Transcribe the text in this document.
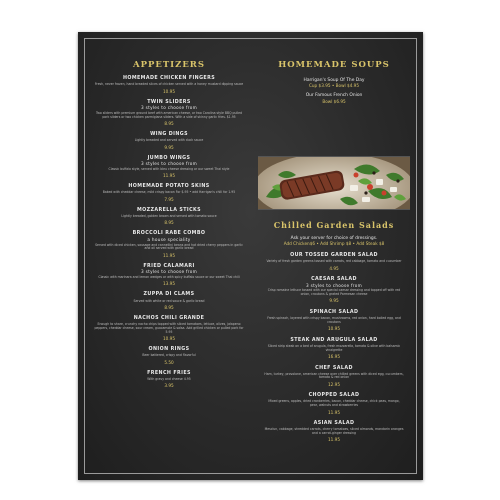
APPETIZERS
HOMEMADE CHICKEN FINGERS
Fresh, never frozen, hand breaded slices of chicken served with a honey mustard dipping sauce
10.95
TWIN SLIDERS
3 styles to choose from
Two sliders with premium ground beef with american cheese, or two Carolina style BBQ pulled pork sliders or two chicken parmigiana sliders. With a side of skinny garlic fries. $1.95
8.95
WING DINGS
Lightly breaded and served with duck sauce
9.95
JUMBO WINGS
3 styles to choose from
Classic buffalo style, served with bleu cheese dressing or our sweet Thai style
11.95
HOMEMADE POTATO SKINS
Baked with cheddar cheese, mild crispy bacon For $.95 • add Harrigan's chili for 1.95
7.95
MOZZARELLA STICKS
Lightly breaded, golden brown and served with tomato sauce
8.95
BROCCOLI RABE COMBO
a house speciality
Served with diced chicken, sausage and cannellini beans and hot dried cherry peppers in garlic and oil served with garlic bread
11.95
FRIED CALAMARI
3 styles to choose from
Classic with marinara and lemon wedges or with spicy buffalo sauce or our sweet Thai chili
13.95
ZUPPA DI CLAMS
Served with white or red sauce & garlic bread
8.95
NACHOS CHILI GRANDE
Enough to share, crunchy nacho chips topped with sliced tomatoes, lettuce, olives, jalapeno peppers, cheddar cheese, sour cream, guacamole & salsa. Add grilled chicken or pulled pork for 5.95
10.95
ONION RINGS
Beer battered, crispy and flavorful
5.50
FRENCH FRIES
With gravy and cheese 4.95
3.95
HOMEMADE SOUPS
Harrigan's Soup Of The Day
Cup $3.95 • Bowl $4.95
Our Famous French Onion
Bowl $6.95
Chilled Garden Salads
Ask your server for choice of dressings.
Add Chicken$6 • Add Shrimp $8 • Add Steak $8
OUR TOSSED GARDEN SALAD
Variety of fresh garden greens tossed with carrots, red cabbage, tomato and cucumber
4.95
CAESAR SALAD
3 styles to choose from
Crisp romaine lettuce tossed with our special caesar dressing and topped off with red onion, croutons & grated Parmesan cheese
9.95
SPINACH SALAD
Fresh spinach, layered with crispy bacon, mushrooms, red onion, hard boiled egg, and croutons
10.95
STEAK AND ARUGULA SALAD
Sliced strip steak on a bed of arugula, fresh mozzarella, tomato & olive with balsamic vinaigrette
16.95
CHEF SALAD
Ham, turkey, provolone, american cheese over chilled greens with diced egg, cucumbers, tomato & red onion
12.95
CHOPPED SALAD
Mixed greens, apples, dried cranberries, bacon, cheddar cheese, chick peas, mango, pear, walnuts and strawberries
11.95
ASIAN SALAD
Mesclun, cabbage, shredded carrots, cherry tomatoes, sliced almonds, mandarin oranges and a carrot-ginger dressing
11.95
